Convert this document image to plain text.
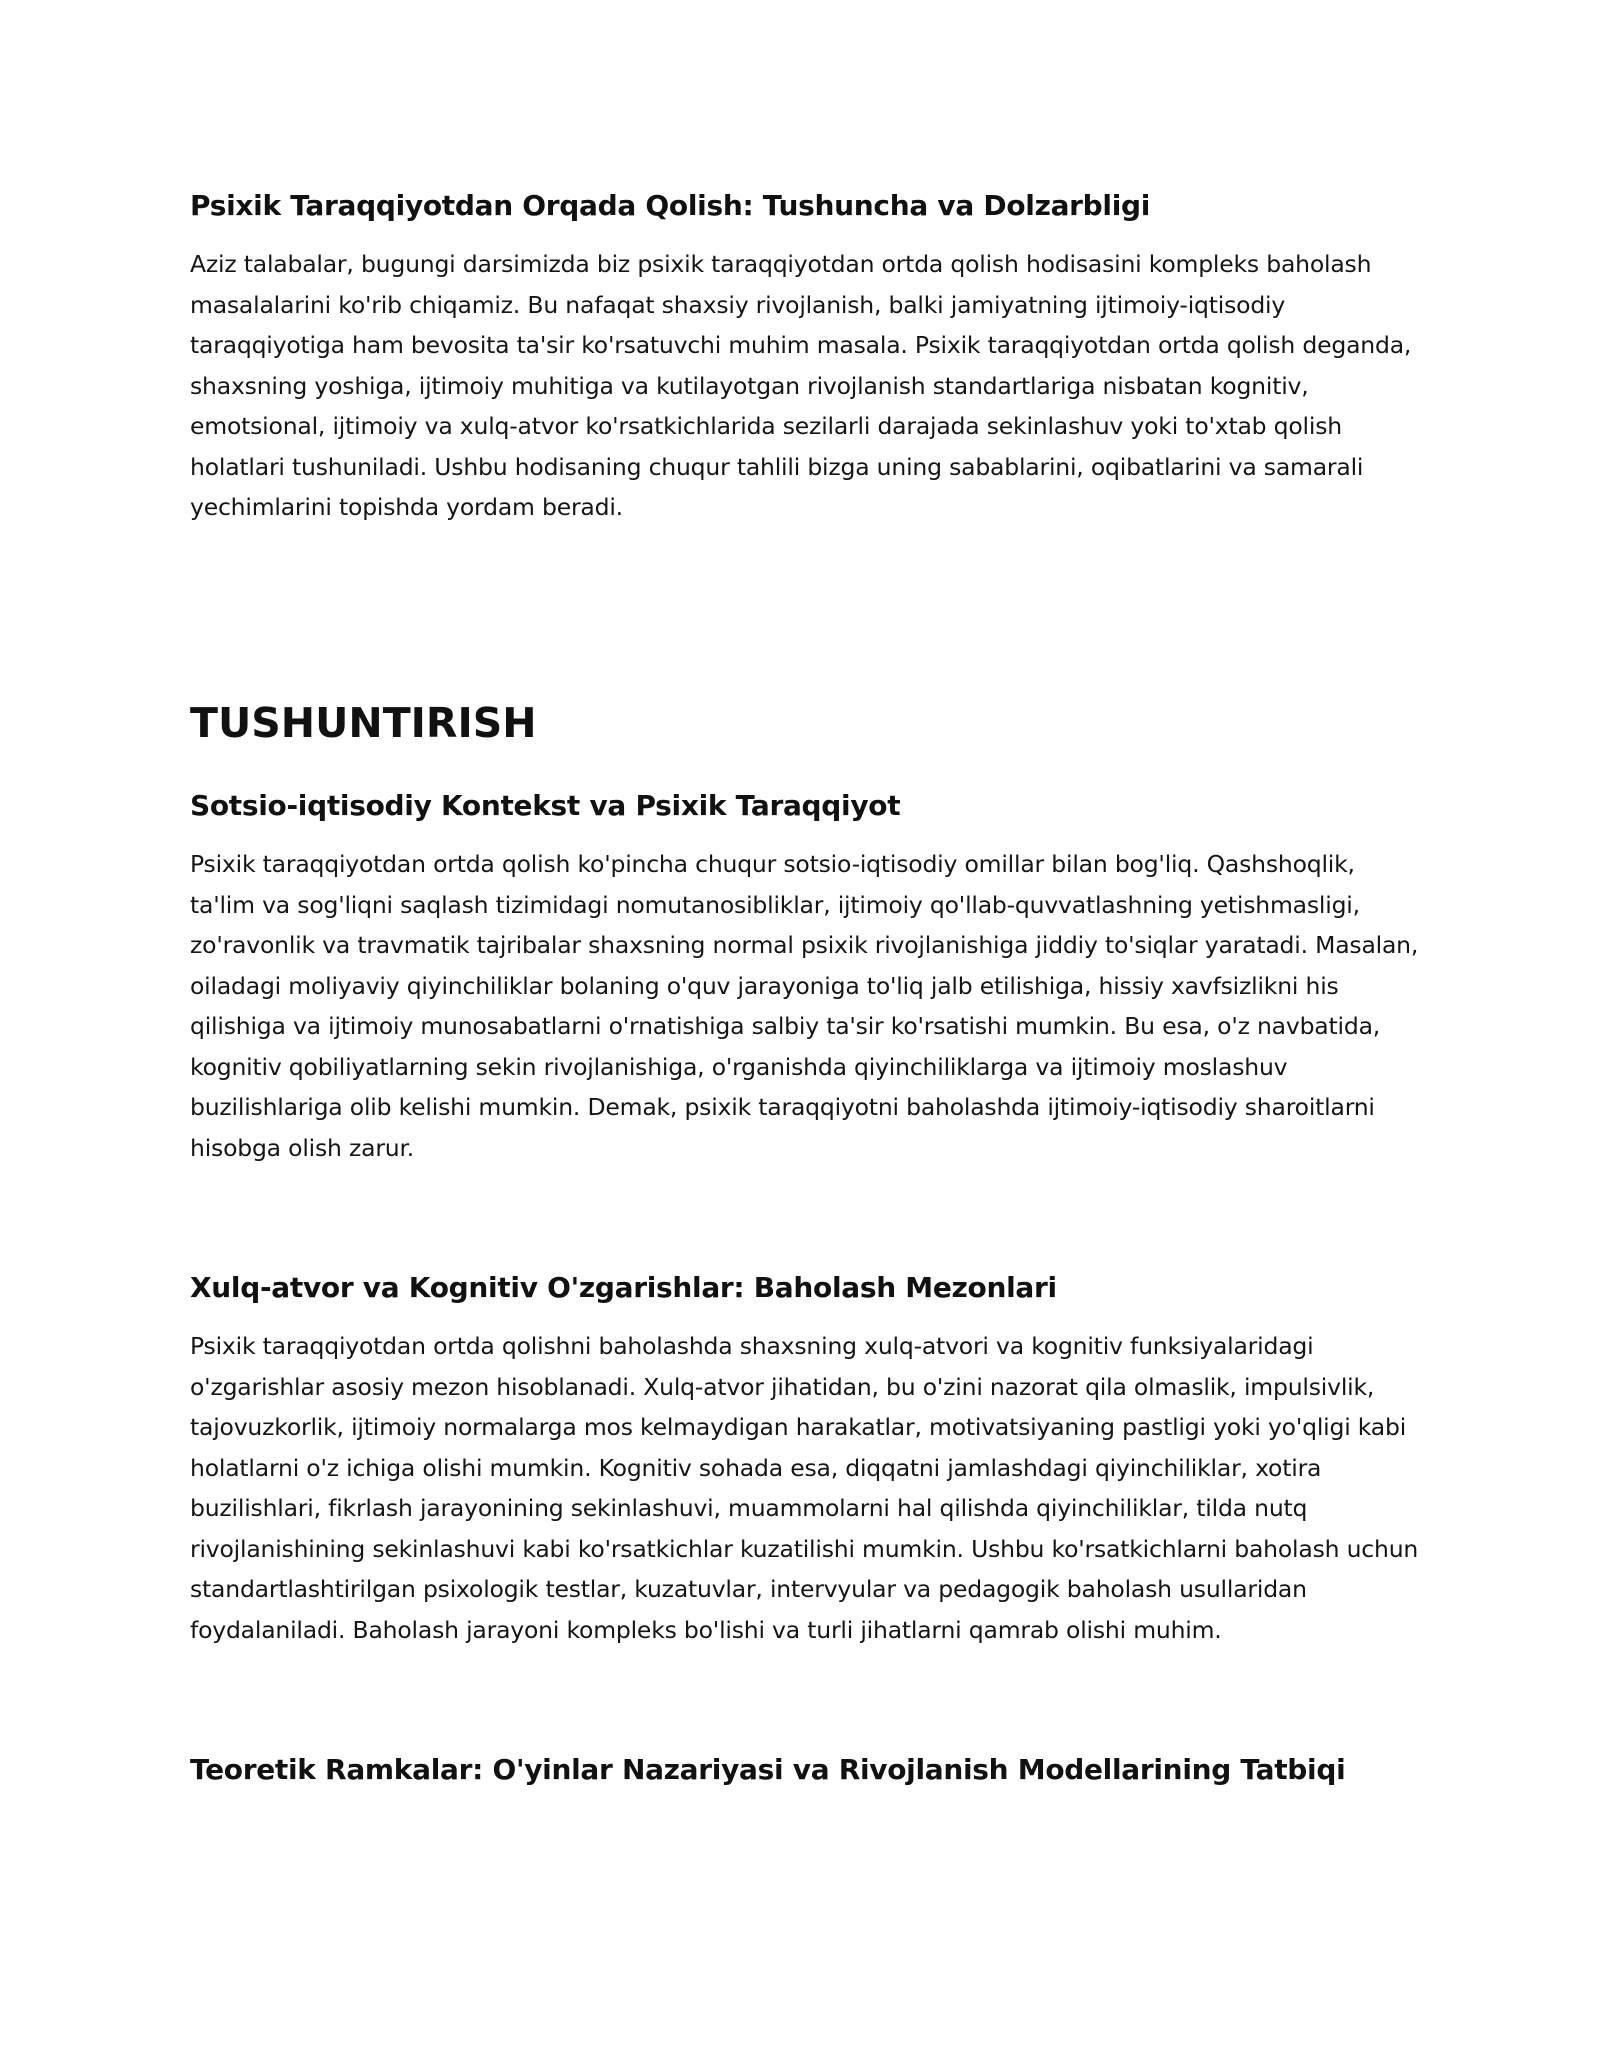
Psixik Taraqqiyotdan Orqada Qolish: Tushuncha va Dolzarbligi

Aziz talabalar, bugungi darsimizda biz psixik taraqqiyotdan ortda qolish hodisasini kompleks baholash masalalarini ko'rib chiqamiz. Bu nafaqat shaxsiy rivojlanish, balki jamiyatning ijtimoiy-iqtisodiy taraqqiyotiga ham bevosita ta'sir ko'rsatuvchi muhim masala. Psixik taraqqiyotdan ortda qolish deganda, shaxsning yoshiga, ijtimoiy muhitiga va kutilayotgan rivojlanish standartlariga nisbatan kognitiv, emotsional, ijtimoiy va xulq-atvor ko'rsatkichlarida sezilarli darajada sekinlashuv yoki to'xtab qolish holatlari tushuniladi. Ushbu hodisaning chuqur tahlili bizga uning sabablarini, oqibatlarini va samarali yechimlarini topishda yordam beradi.

TUSHUNTIRISH
Sotsio-iqtisodiy Kontekst va Psixik Taraqqiyot

Psixik taraqqiyotdan ortda qolish ko'pincha chuqur sotsio-iqtisodiy omillar bilan bog'liq. Qashshoqlik, ta'lim va sog'liqni saqlash tizimidagi nomutanosibliklar, ijtimoiy qo'llab-quvvatlashning yetishmasligi, zo'ravonlik va travmatik tajribalar shaxsning normal psixik rivojlanishiga jiddiy to'siqlar yaratadi. Masalan, oiladagi moliyaviy qiyinchiliklar bolaning o'quv jarayoniga to'liq jalb etilishiga, hissiy xavfsizlikni his qilishiga va ijtimoiy munosabatlarni o'rnatishiga salbiy ta'sir ko'rsatishi mumkin. Bu esa, o'z navbatida, kognitiv qobiliyatlarning sekin rivojlanishiga, o'rganishda qiyinchiliklarga va ijtimoiy moslashuv buzilishlariga olib kelishi mumkin. Demak, psixik taraqqiyotni baholashda ijtimoiy-iqtisodiy sharoitlarni hisobga olish zarur.

Xulq-atvor va Kognitiv O'zgarishlar: Baholash Mezonlari

Psixik taraqqiyotdan ortda qolishni baholashda shaxsning xulq-atvori va kognitiv funksiyalaridagi o'zgarishlar asosiy mezon hisoblanadi. Xulq-atvor jihatidan, bu o'zini nazorat qila olmaslik, impulsivlik, tajovuzkorlik, ijtimoiy normalarga mos kelmaydigan harakatlar, motivatsiyaning pastligi yoki yo'qligi kabi holatlarni o'z ichiga olishi mumkin. Kognitiv sohada esa, diqqatni jamlashdagi qiyinchiliklar, xotira buzilishlari, fikrlash jarayonining sekinlashuvi, muammolarni hal qilishda qiyinchiliklar, tilda nutq rivojlanishining sekinlashuvi kabi ko'rsatkichlar kuzatilishi mumkin. Ushbu ko'rsatkichlarni baholash uchun standartlashtirilgan psixologik testlar, kuzatuvlar, intervyular va pedagogik baholash usullaridan foydalaniladi. Baholash jarayoni kompleks bo'lishi va turli jihatlarni qamrab olishi muhim.

Teoretik Ramkalar: O'yinlar Nazariyasi va Rivojlanish Modellarining Tatbiqi
